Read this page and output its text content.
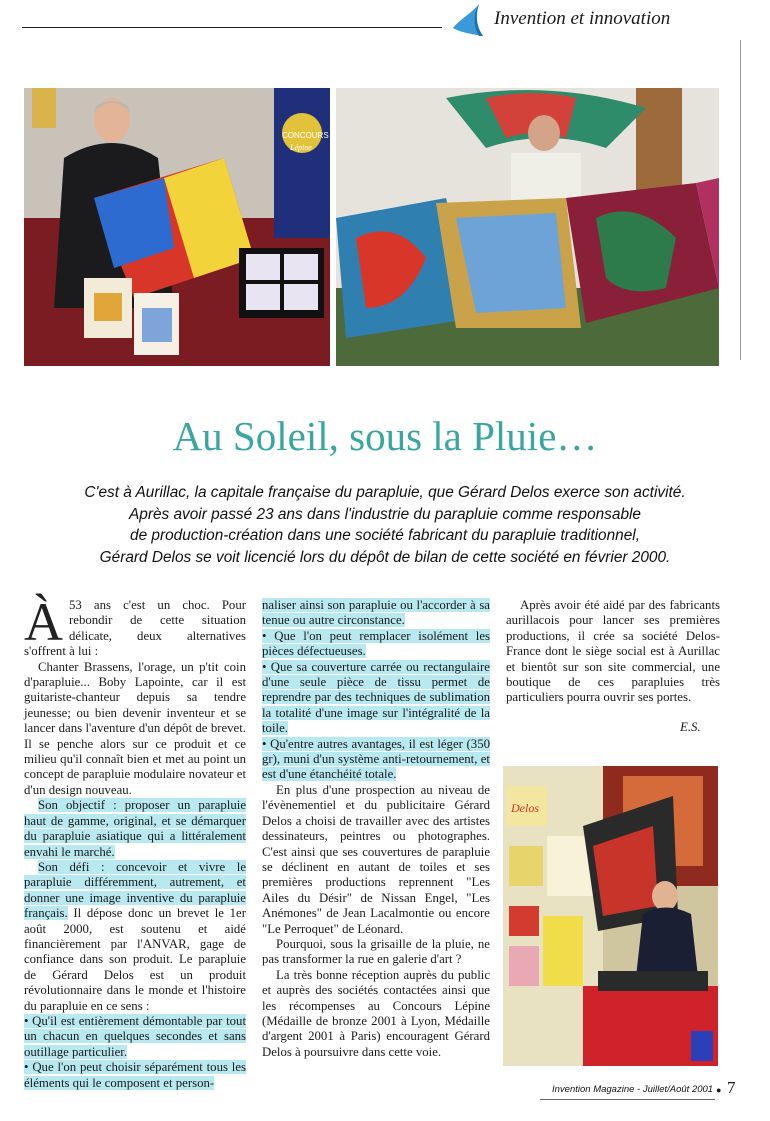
Invention et innovation
CONCOURS
Lépine
Au Soleil, sous la Pluie…

C'est à Aurillac, la capitale française du parapluie, que Gérard Delos exerce son activité.

Après avoir passé 23 ans dans l'industrie du parapluie comme responsable

de production-création dans une société fabricant du parapluie traditionnel,

Gérard Delos se voit licencié lors du dépôt de bilan de cette société en février 2000.

À 53 ans c'est un choc. Pour rebondir de cette situation délicate, deux alternatives s'offrent à lui :

Chanter Brassens, l'orage, un p'tit coin d'parapluie... Boby Lapointe, car il est guitariste-chanteur depuis sa tendre jeunesse; ou bien devenir inventeur et se lancer dans l'aventure d'un dépôt de brevet. Il se penche alors sur ce produit et ce milieu qu'il connaît bien et met au point un concept de parapluie modulaire novateur et d'un design nouveau.

Son objectif : proposer un parapluie haut de gamme, original, et se démarquer du parapluie asiatique qui a littéralement envahi le marché.

Son défi : concevoir et vivre le parapluie différemment, autrement, et donner une image inventive du parapluie français. Il dépose donc un brevet le 1er août 2000, est soutenu et aidé financièrement par l'ANVAR, gage de confiance dans son produit. Le parapluie de Gérard Delos est un produit révolutionnaire dans le monde et l'histoire du parapluie en ce sens :

• Qu'il est entièrement démontable par tout un chacun en quelques secondes et sans outillage particulier.

• Que l'on peut choisir séparément tous les éléments qui le composent et person-

naliser ainsi son parapluie ou l'accorder à sa tenue ou autre circonstance.

• Que l'on peut remplacer isolément les pièces défectueuses.

• Que sa couverture carrée ou rectangulaire d'une seule pièce de tissu permet de reprendre par des techniques de sublimation la totalité d'une image sur l'intégralité de la toile.

• Qu'entre autres avantages, il est léger (350 gr), muni d'un système anti-retournement, et est d'une étanchéité totale.

En plus d'une prospection au niveau de l'évènementiel et du publicitaire Gérard Delos a choisi de travailler avec des artistes dessinateurs, peintres ou photographes. C'est ainsi que ses couvertures de parapluie se déclinent en autant de toiles et ses premières productions reprennent "Les Ailes du Désir" de Nissan Engel, "Les Anémones" de Jean Lacalmontie ou encore "Le Perroquet" de Léonard.

Pourquoi, sous la grisaille de la pluie, ne pas transformer la rue en galerie d'art ?

La très bonne réception auprès du public et auprès des sociétés contactées ainsi que les récompenses au Concours Lépine (Médaille de bronze 2001 à Lyon, Médaille d'argent 2001 à Paris) encouragent Gérard Delos à poursuivre dans cette voie.

Après avoir été aidé par des fabricants aurillacois pour lancer ses premières productions, il crée sa société Delos-France dont le siège social est à Aurillac et bientôt sur son site commercial, une boutique de ces parapluies très particuliers pourra ouvrir ses portes.

E.S.
Delos
Invention Magazine - Juillet/Août 2001 ● 7
